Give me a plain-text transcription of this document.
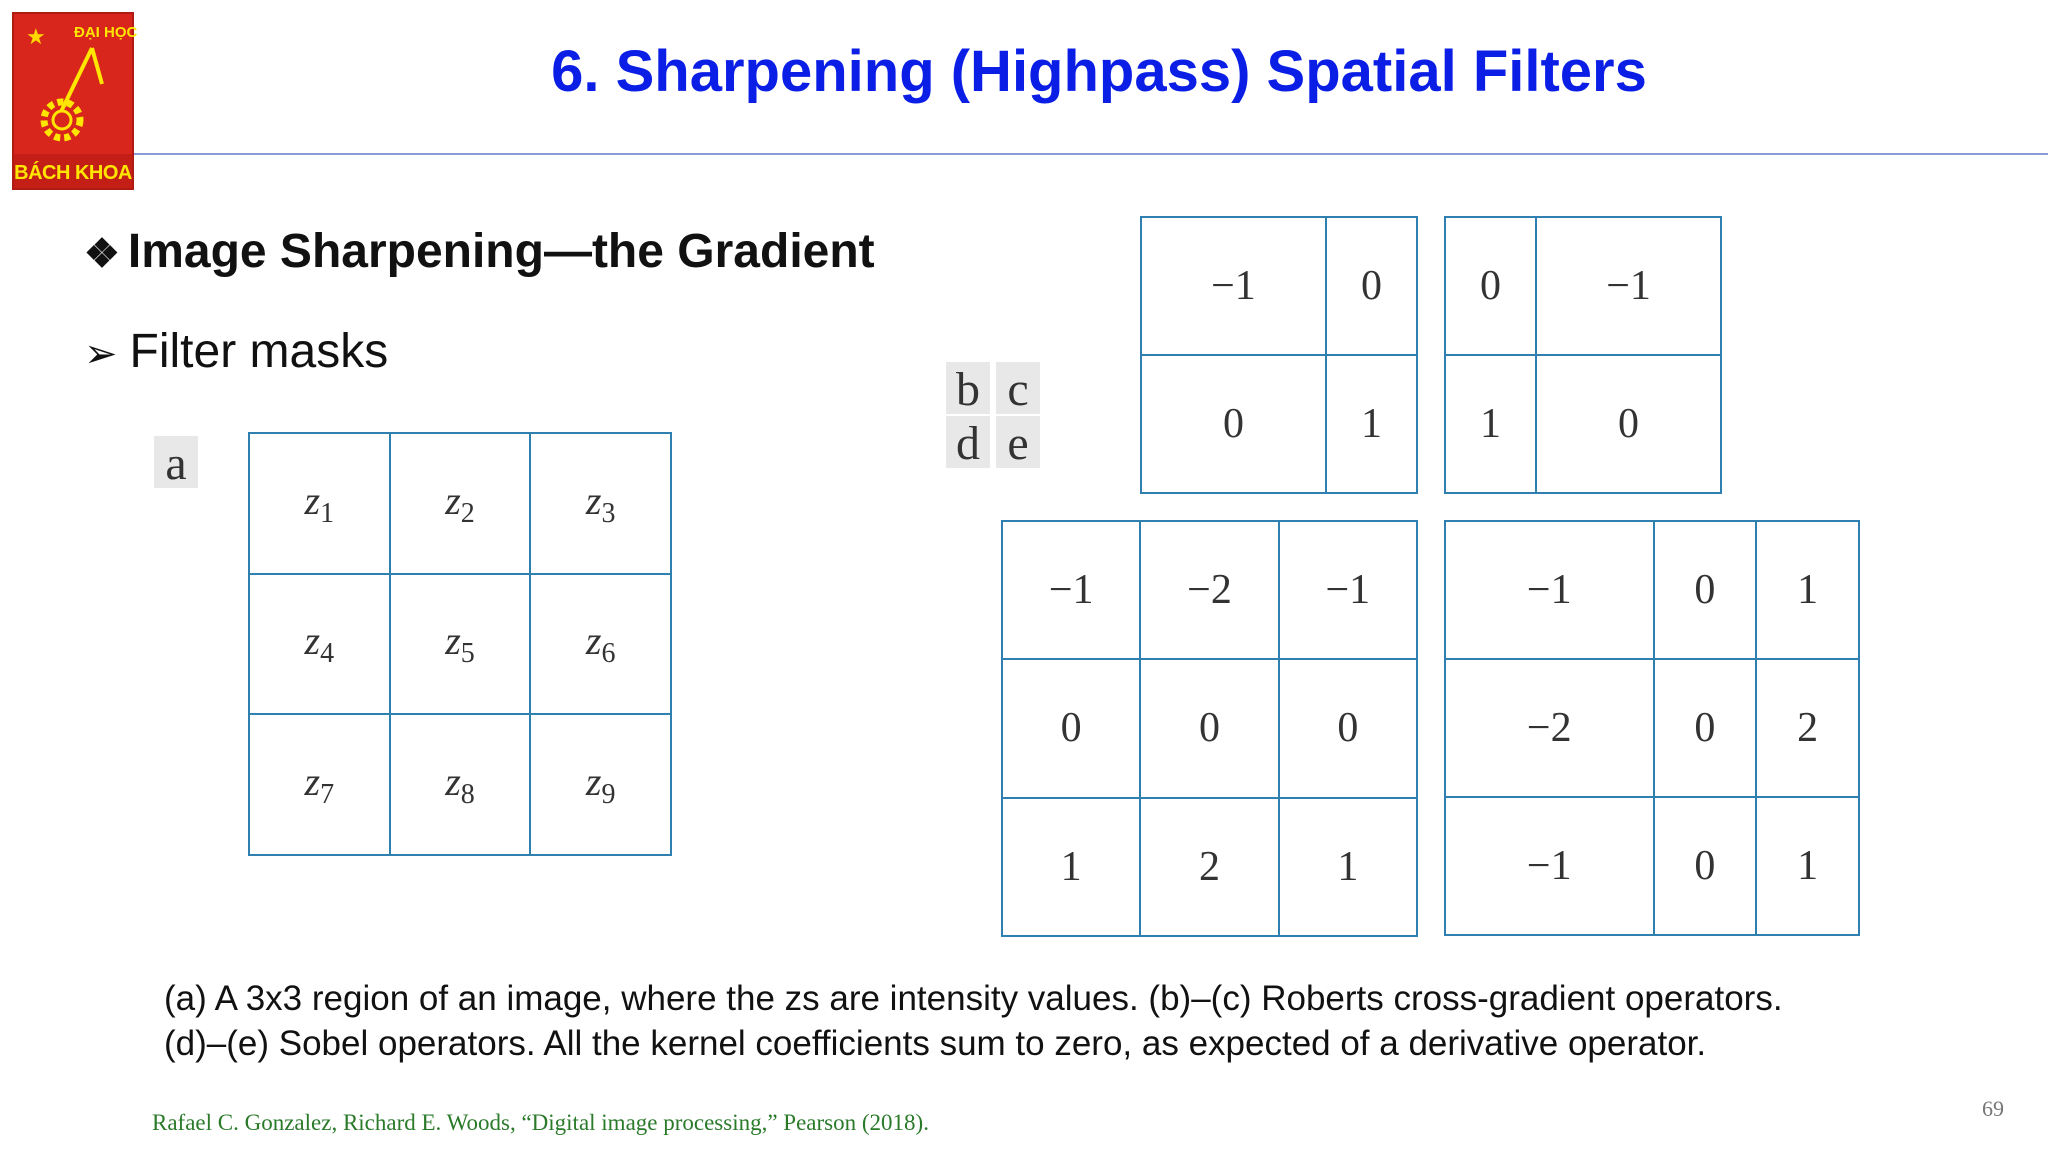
★ ĐẠI HỌC
BÁCH KHOA
6. Sharpening (Highpass) Spatial Filters
❖ Image Sharpening—the Gradient
➢ Filter masks
a
b c
d e
$z_1$	$z_2$	$z_3$
$z_4$	$z_5$	$z_6$
$z_7$	$z_8$	$z_9$
−1	0
0	1
0	−1
1	0
−1	−2	−1
0	0	0
1	2	1
−1	0	1
−2	0	2
−1	0	1
(a) A 3x3 region of an image, where the zs are intensity values. (b)–(c) Roberts cross-gradient operators.
(d)–(e) Sobel operators. All the kernel coefficients sum to zero, as expected of a derivative operator.
Rafael C. Gonzalez, Richard E. Woods, “Digital image processing,” Pearson (2018).
69
